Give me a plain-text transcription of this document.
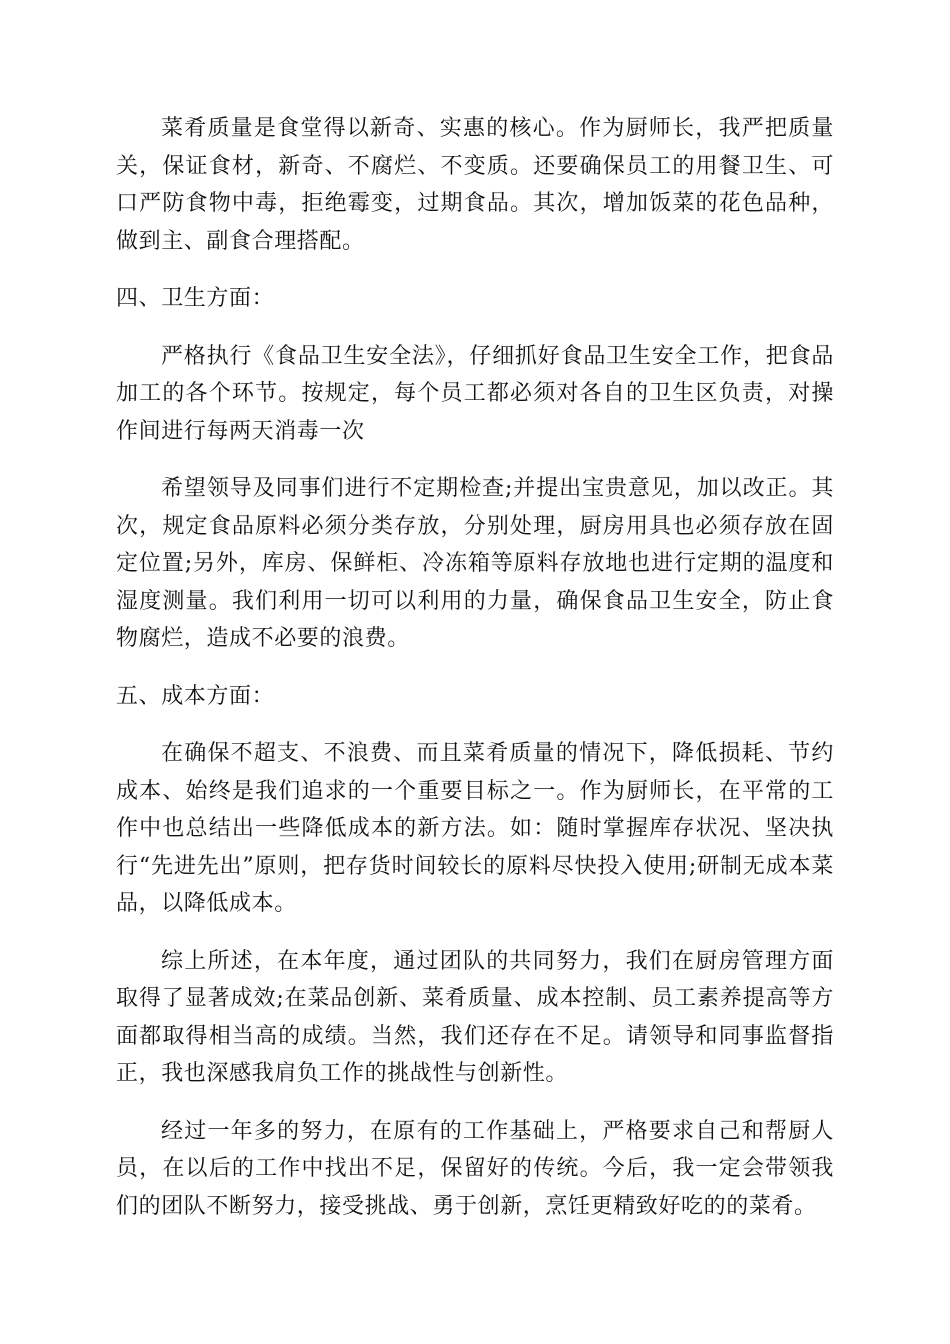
菜肴质量是食堂得以新奇、实惠的核心。作为厨师长，我严把质量关，保证食材，新奇、不腐烂、不变质。还要确保员工的用餐卫生、可口严防食物中毒，拒绝霉变，过期食品。其次，增加饭菜的花色品种，做到主、副食合理搭配。

四、卫生方面：

严格执行《食品卫生安全法》，仔细抓好食品卫生安全工作，把食品加工的各个环节。按规定，每个员工都必须对各自的卫生区负责，对操作间进行每两天消毒一次

希望领导及同事们进行不定期检查;并提出宝贵意见，加以改正。其次，规定食品原料必须分类存放，分别处理，厨房用具也必须存放在固定位置;另外，库房、保鲜柜、冷冻箱等原料存放地也进行定期的温度和湿度测量。我们利用一切可以利用的力量，确保食品卫生安全，防止食物腐烂，造成不必要的浪费。

五、成本方面：

在确保不超支、不浪费、而且菜肴质量的情况下，降低损耗、节约成本、始终是我们追求的一个重要目标之一。作为厨师长，在平常的工作中也总结出一些降低成本的新方法。如：随时掌握库存状况、坚决执行“先进先出”原则，把存货时间较长的原料尽快投入使用;研制无成本菜品，以降低成本。

综上所述，在本年度，通过团队的共同努力，我们在厨房管理方面取得了显著成效;在菜品创新、菜肴质量、成本控制、员工素养提高等方面都取得相当高的成绩。当然，我们还存在不足。请领导和同事监督指正，我也深感我肩负工作的挑战性与创新性。

经过一年多的努力，在原有的工作基础上，严格要求自己和帮厨人员，在以后的工作中找出不足，保留好的传统。今后，我一定会带领我们的团队不断努力，接受挑战、勇于创新，烹饪更精致好吃的的菜肴。
